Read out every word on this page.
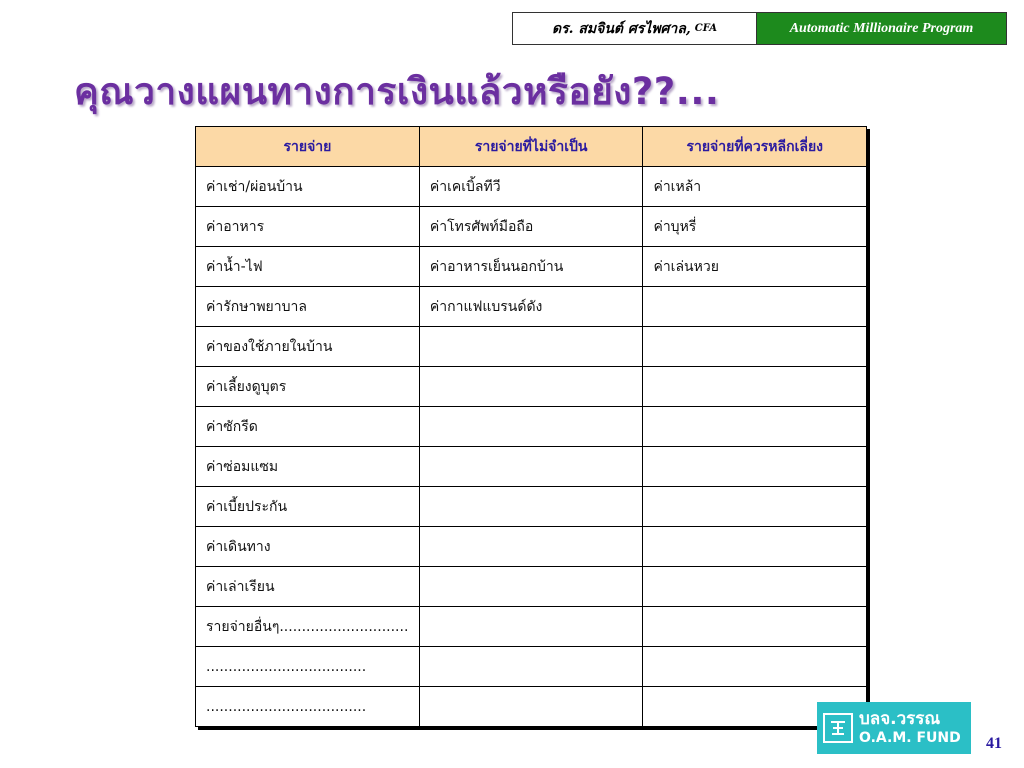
ดร. สมจินต์ ศรไพศาล, CFA	Automatic Millionaire Program
คุณวางแผนทางการเงินแล้วหรือยัง??...
รายจ่าย	รายจ่ายที่ไม่จำเป็น	รายจ่ายที่ควรหลีกเลี่ยง
ค่าเช่า/ผ่อนบ้าน	ค่าเคเบิ้ลทีวี	ค่าเหล้า
ค่าอาหาร	ค่าโทรศัพท์มือถือ	ค่าบุหรี่
ค่าน้ำ-ไฟ	ค่าอาหารเย็นนอกบ้าน	ค่าเล่นหวย
ค่ารักษาพยาบาล	ค่ากาแฟแบรนด์ดัง	
ค่าของใช้ภายในบ้าน		
ค่าเลี้ยงดูบุตร		
ค่าซักรีด		
ค่าซ่อมแซม		
ค่าเบี้ยประกัน		
ค่าเดินทาง		
ค่าเล่าเรียน		
รายจ่ายอื่นๆ.............................		
....................................		
....................................		
บลจ.วรรณ
O.A.M. FUND 41
